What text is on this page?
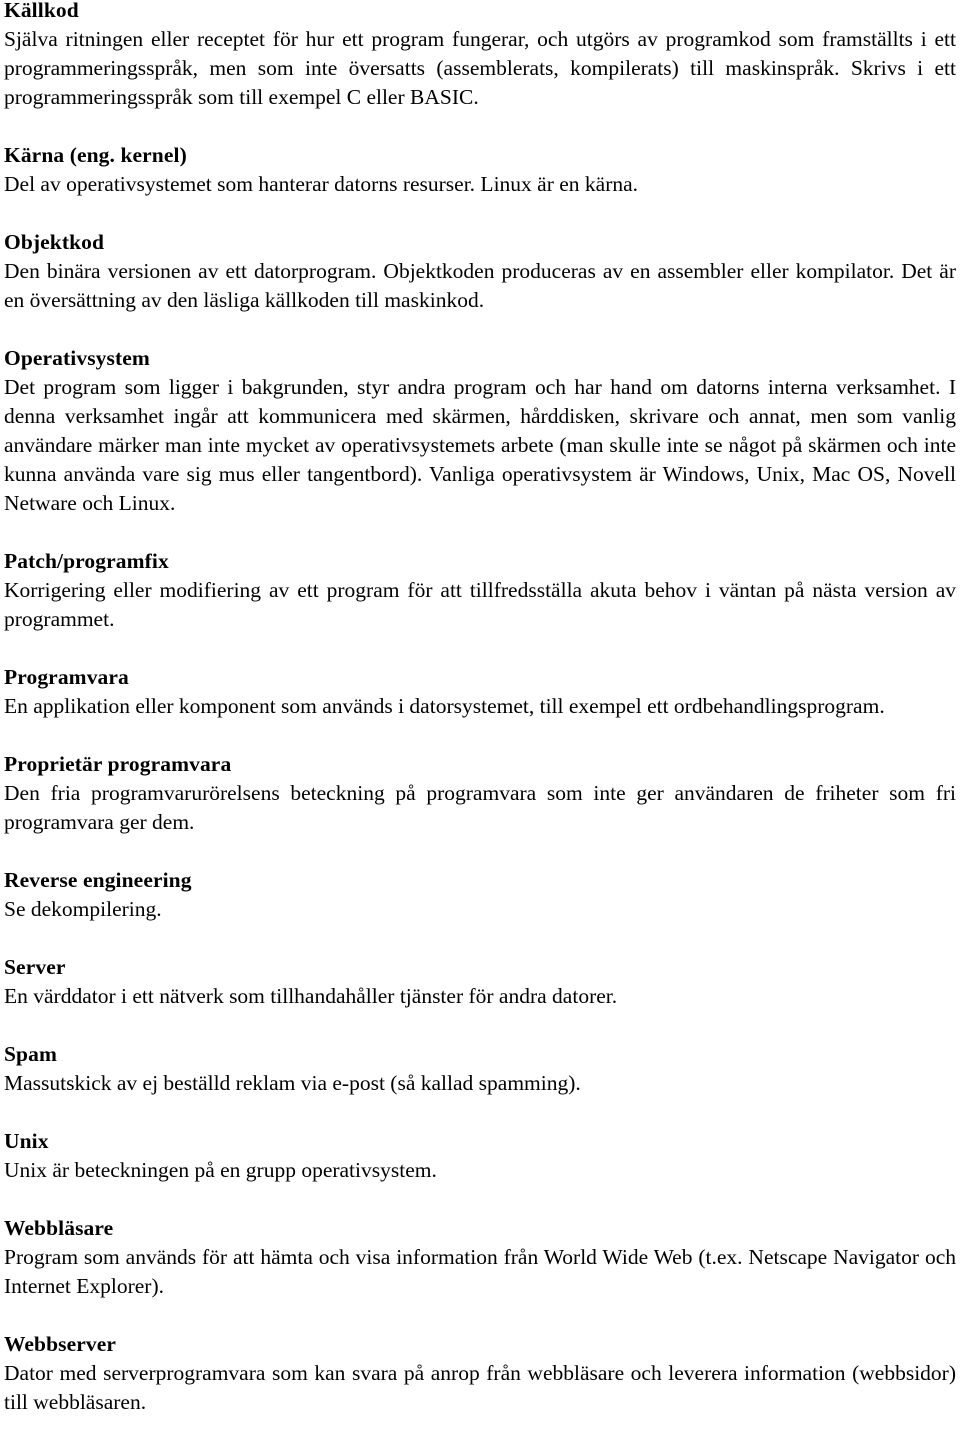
Källkod
Själva ritningen eller receptet för hur ett program fungerar, och utgörs av programkod som framställts i ett programmeringsspråk, men som inte översatts (assemblerats, kompilerats) till maskinspråk. Skrivs i ett programmeringsspråk som till exempel C eller BASIC.
Kärna (eng. kernel)
Del av operativsystemet som hanterar datorns resurser. Linux är en kärna.
Objektkod
Den binära versionen av ett datorprogram. Objektkoden produceras av en assembler eller kompilator. Det är en översättning av den läsliga källkoden till maskinkod.
Operativsystem
Det program som ligger i bakgrunden, styr andra program och har hand om datorns interna verksamhet. I denna verksamhet ingår att kommunicera med skärmen, hårddisken, skrivare och annat, men som vanlig användare märker man inte mycket av operativsystemets arbete (man skulle inte se något på skärmen och inte kunna använda vare sig mus eller tangentbord). Vanliga operativsystem är Windows, Unix, Mac OS, Novell Netware och Linux.
Patch/programfix
Korrigering eller modifiering av ett program för att tillfredsställa akuta behov i väntan på nästa version av programmet.
Programvara
En applikation eller komponent som används i datorsystemet, till exempel ett ordbehandlingsprogram.
Proprietär programvara
Den fria programvarurörelsens beteckning på programvara som inte ger användaren de friheter som fri programvara ger dem.
Reverse engineering
Se dekompilering.
Server
En värddator i ett nätverk som tillhandahåller tjänster för andra datorer.
Spam
Massutskick av ej beställd reklam via e-post (så kallad spamming).
Unix
Unix är beteckningen på en grupp operativsystem.
Webbläsare
Program som används för att hämta och visa information från World Wide Web (t.ex. Netscape Navigator och Internet Explorer).
Webbserver
Dator med serverprogramvara som kan svara på anrop från webbläsare och leverera information (webbsidor) till webbläsaren.
